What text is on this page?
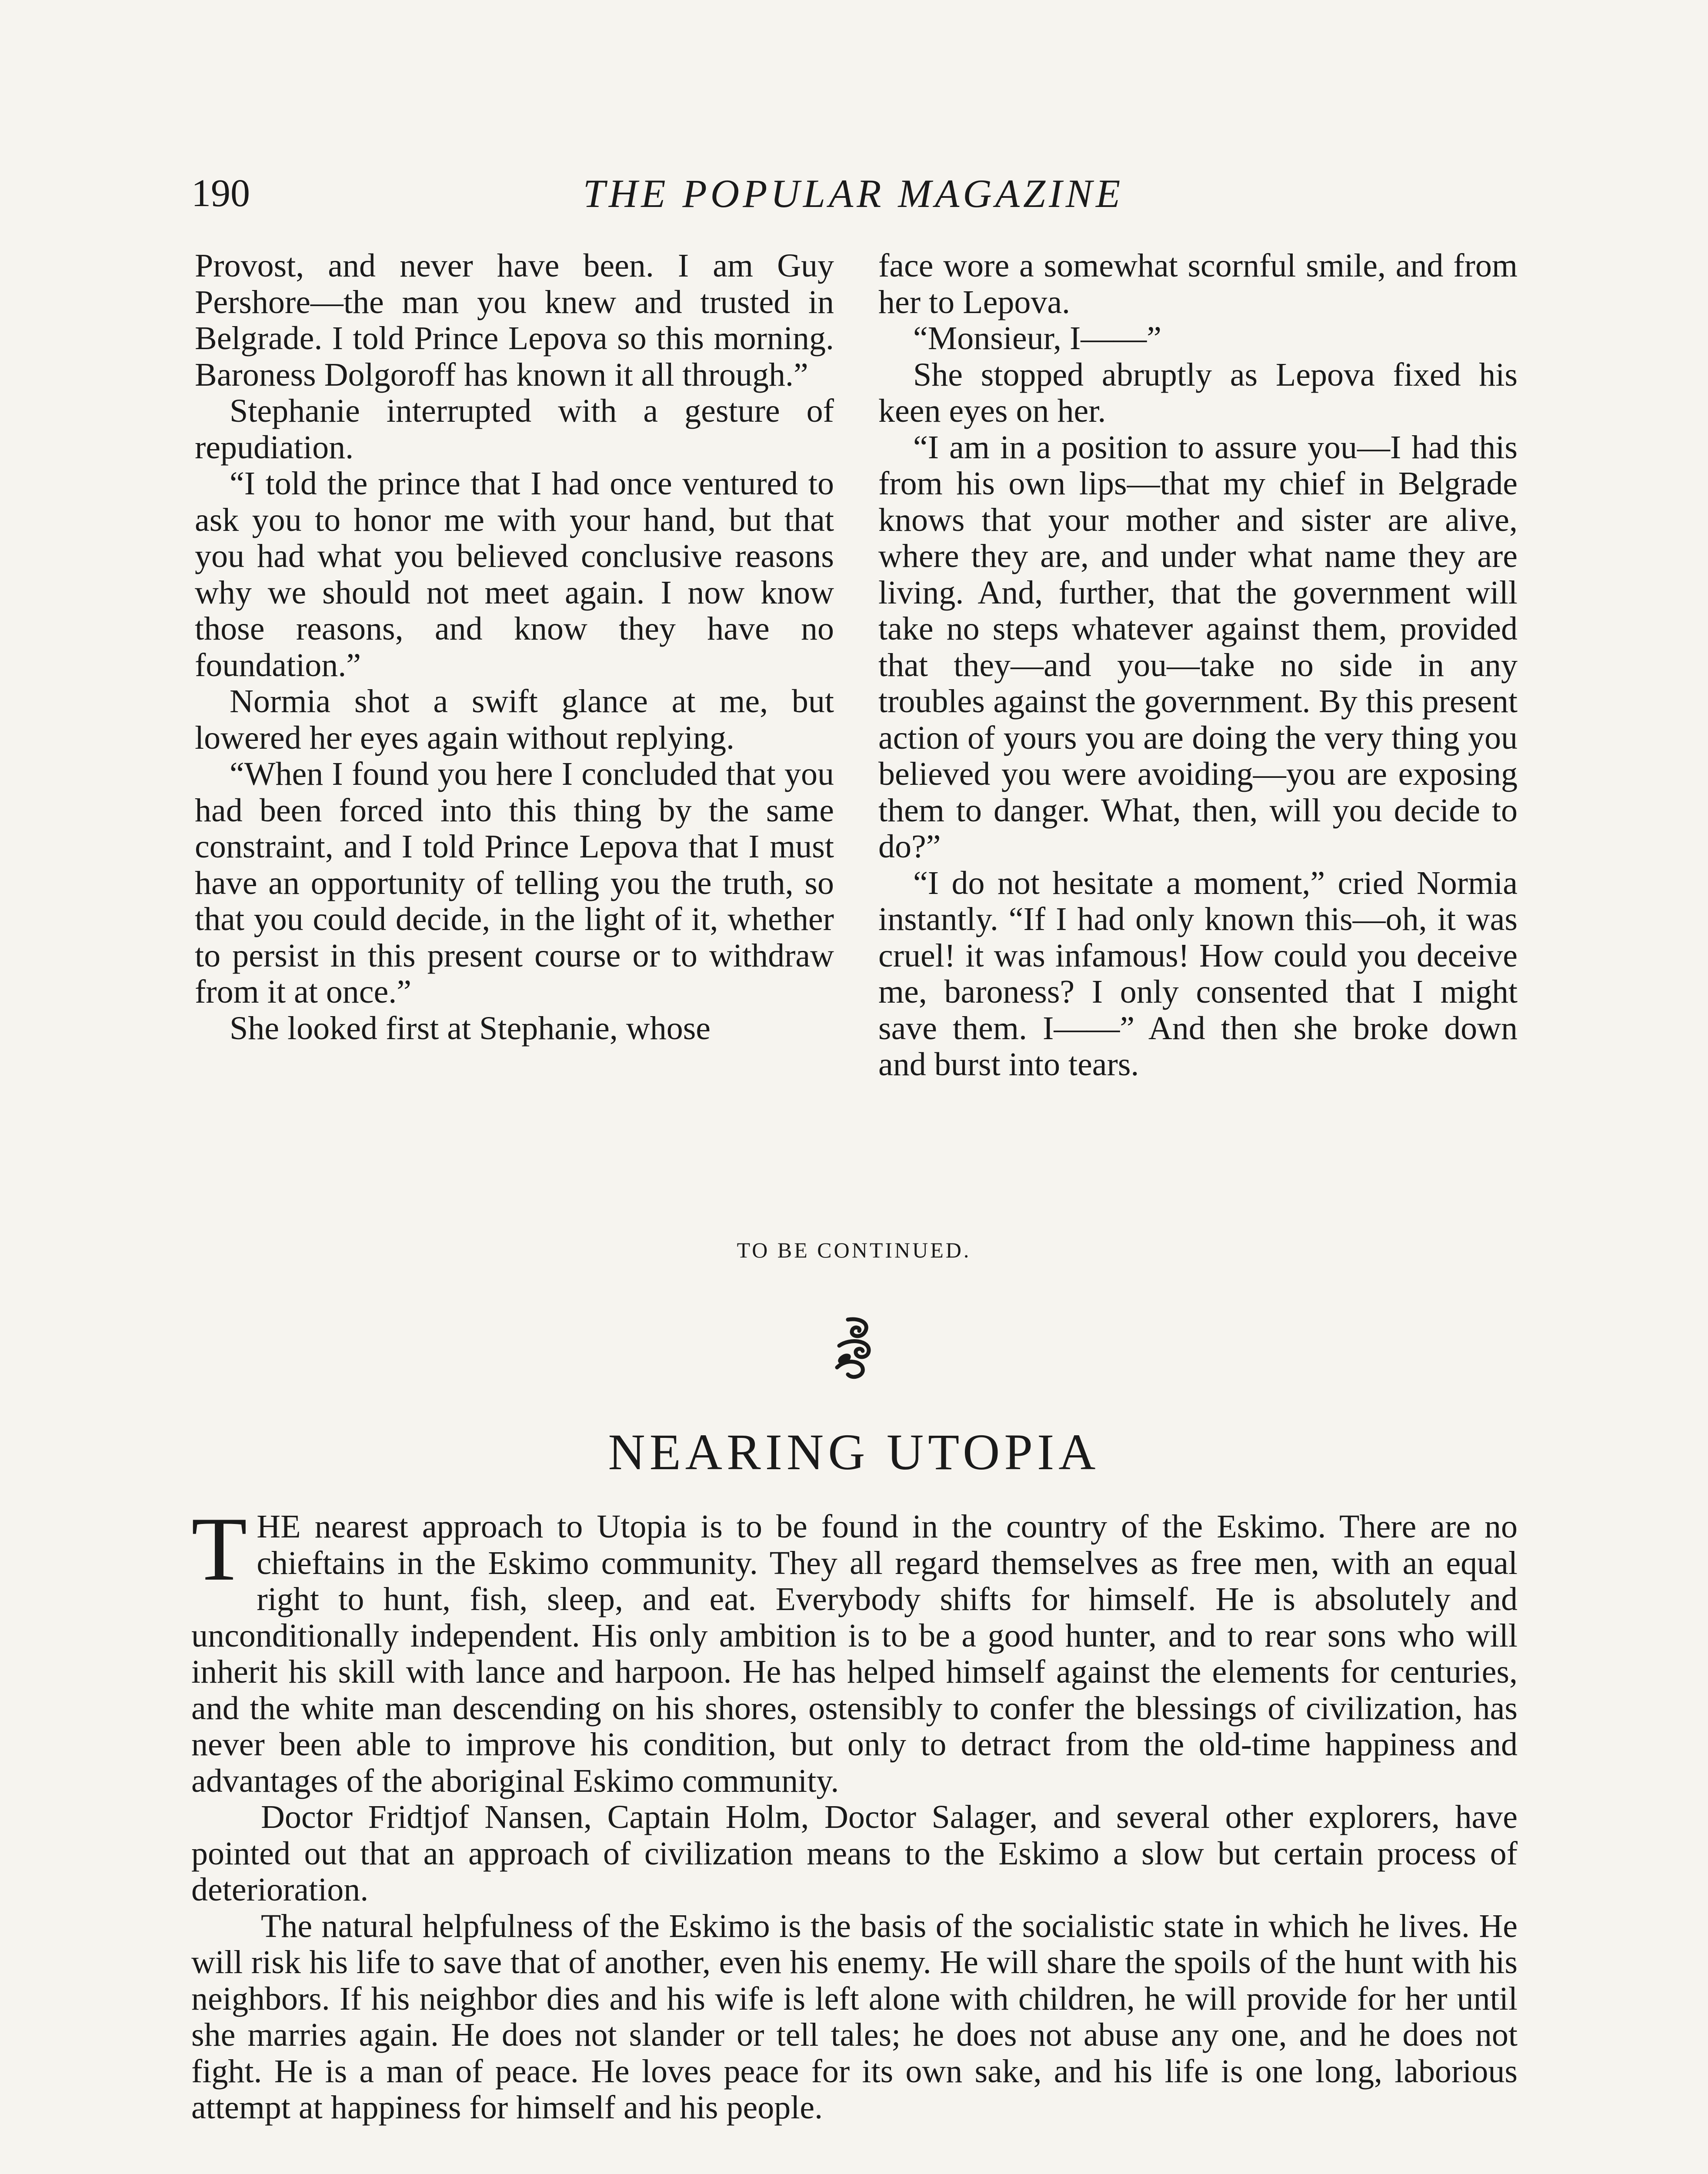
190	THE POPULAR MAGAZINE

Provost, and never have been. I am Guy Pershore—the man you knew and trusted in Belgrade. I told Prince Lepova so this morning. Baroness Dolgoroff has known it all through.”

Stephanie interrupted with a gesture of repudiation.

“I told the prince that I had once ventured to ask you to honor me with your hand, but that you had what you believed conclusive reasons why we should not meet again. I now know those reasons, and know they have no foundation.”

Normia shot a swift glance at me, but lowered her eyes again without replying.

“When I found you here I concluded that you had been forced into this thing by the same constraint, and I told Prince Lepova that I must have an opportunity of telling you the truth, so that you could decide, in the light of it, whether to persist in this present course or to withdraw from it at once.”

She looked first at Stephanie, whose

face wore a somewhat scornful smile, and from her to Lepova.

“Monsieur, I——”

She stopped abruptly as Lepova fixed his keen eyes on her.

“I am in a position to assure you—I had this from his own lips—that my chief in Belgrade knows that your mother and sister are alive, where they are, and under what name they are living. And, further, that the government will take no steps whatever against them, provided that they—and you—take no side in any troubles against the government. By this present action of yours you are doing the very thing you believed you were avoiding—you are exposing them to danger. What, then, will you decide to do?”

“I do not hesitate a moment,” cried Normia instantly. “If I had only known this—oh, it was cruel! it was infamous! How could you deceive me, baroness? I only consented that I might save them. I——” And then she broke down and burst into tears.

TO BE CONTINUED.
NEARING UTOPIA

THE nearest approach to Utopia is to be found in the country of the Eskimo. There are no chieftains in the Eskimo community. They all regard themselves as free men, with an equal right to hunt, fish, sleep, and eat. Everybody shifts for himself. He is absolutely and unconditionally independent. His only ambition is to be a good hunter, and to rear sons who will inherit his skill with lance and harpoon. He has helped himself against the elements for centuries, and the white man descending on his shores, ostensibly to confer the blessings of civilization, has never been able to improve his condition, but only to detract from the old-time happiness and advantages of the aboriginal Eskimo community.

Doctor Fridtjof Nansen, Captain Holm, Doctor Salager, and several other explorers, have pointed out that an approach of civilization means to the Eskimo a slow but certain process of deterioration.

The natural helpfulness of the Eskimo is the basis of the socialistic state in which he lives. He will risk his life to save that of another, even his enemy. He will share the spoils of the hunt with his neighbors. If his neighbor dies and his wife is left alone with children, he will provide for her until she marries again. He does not slander or tell tales; he does not abuse any one, and he does not fight. He is a man of peace. He loves peace for its own sake, and his life is one long, laborious attempt at happiness for himself and his people.
